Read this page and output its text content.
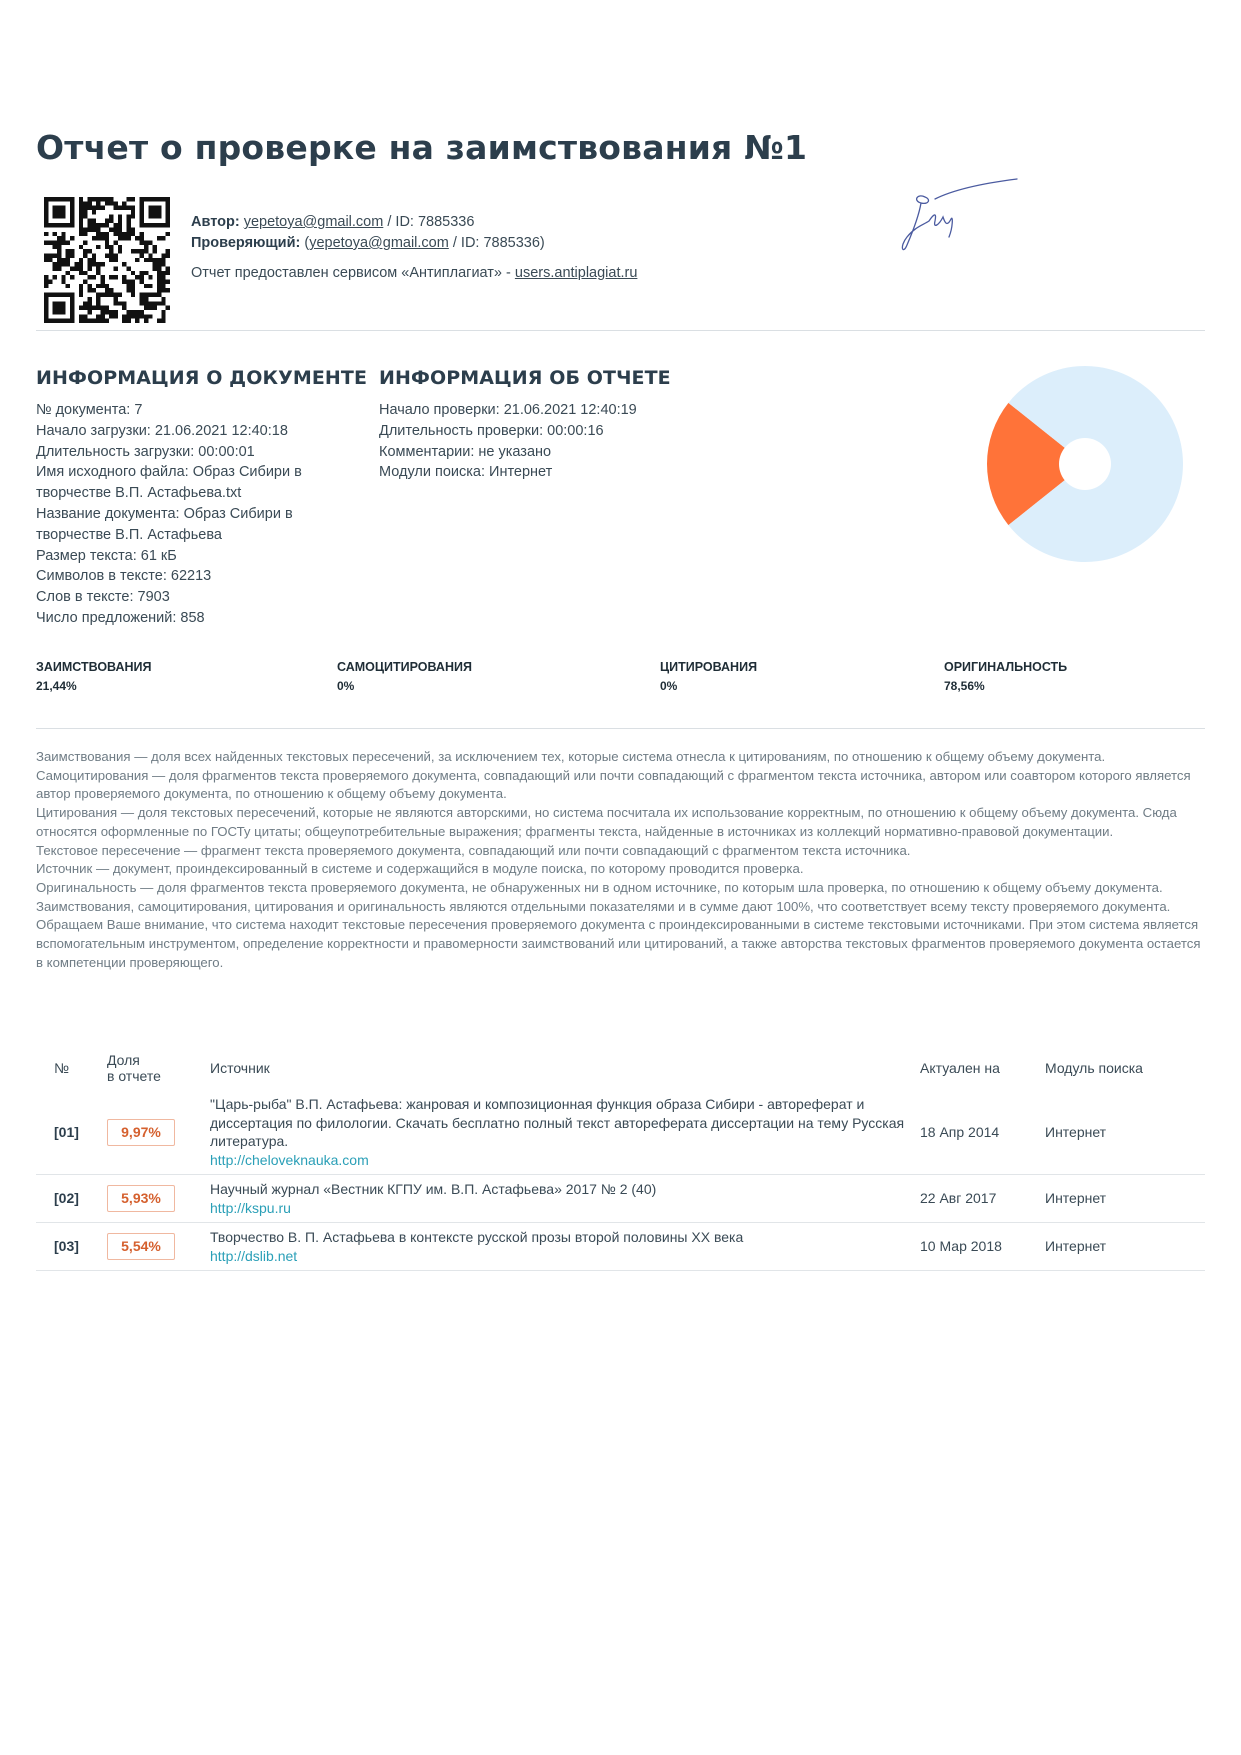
Отчет о проверке на заимствования №1
Автор: yepetoya@gmail.com / ID: 7885336
Проверяющий: (yepetoya@gmail.com / ID: 7885336)
Отчет предоставлен сервисом «Антиплагиат» - users.antiplagiat.ru
ИНФОРМАЦИЯ О ДОКУМЕНТЕ
№ документа: 7
Начало загрузки: 21.06.2021 12:40:18
Длительность загрузки: 00:00:01
Имя исходного файла: Образ Сибири в творчестве В.П. Астафьева.txt
Название документа: Образ Сибири в творчестве В.П. Астафьева
Размер текста: 61 кБ
Символов в тексте: 62213
Слов в тексте: 7903
Число предложений: 858
ИНФОРМАЦИЯ ОБ ОТЧЕТЕ
Начало проверки: 21.06.2021 12:40:19
Длительность проверки: 00:00:16
Комментарии: не указано
Модули поиска: Интернет
ЗАИМСТВОВАНИЯ
21,44%
САМОЦИТИРОВАНИЯ
0%
ЦИТИРОВАНИЯ
0%
ОРИГИНАЛЬНОСТЬ
78,56%

Заимствования — доля всех найденных текстовых пересечений, за исключением тех, которые система отнесла к цитированиям, по отношению к общему объему документа.

Самоцитирования — доля фрагментов текста проверяемого документа, совпадающий или почти совпадающий с фрагментом текста источника, автором или соавтором которого является автор проверяемого документа, по отношению к общему объему документа.

Цитирования — доля текстовых пересечений, которые не являются авторскими, но система посчитала их использование корректным, по отношению к общему объему документа. Сюда относятся оформленные по ГОСТу цитаты; общеупотребительные выражения; фрагменты текста, найденные в источниках из коллекций нормативно-правовой документации.

Текстовое пересечение — фрагмент текста проверяемого документа, совпадающий или почти совпадающий с фрагментом текста источника.

Источник — документ, проиндексированный в системе и содержащийся в модуле поиска, по которому проводится проверка.

Оригинальность — доля фрагментов текста проверяемого документа, не обнаруженных ни в одном источнике, по которым шла проверка, по отношению к общему объему документа.

Заимствования, самоцитирования, цитирования и оригинальность являются отдельными показателями и в сумме дают 100%, что соответствует всему тексту проверяемого документа.

Обращаем Ваше внимание, что система находит текстовые пересечения проверяемого документа с проиндексированными в системе текстовыми источниками. При этом система является вспомогательным инструментом, определение корректности и правомерности заимствований или цитирований, а также авторства текстовых фрагментов проверяемого документа остается в компетенции проверяющего.

№	Доля
в отчете	Источник	Актуален на	Модуль поиска
[01]	9,97%	"Царь-рыба" В.П. Астафьева: жанровая и композиционная функция образа Сибири - автореферат и диссертация по филологии. Скачать бесплатно полный текст автореферата диссертации на тему Русская литература.
http://cheloveknauka.com	18 Апр 2014	Интернет
[02]	5,93%	Научный журнал «Вестник КГПУ им. В.П. Астафьева» 2017 № 2 (40)
http://kspu.ru	22 Авг 2017	Интернет
[03]	5,54%	Творчество В. П. Астафьева в контексте русской прозы второй половины XX века
http://dslib.net	10 Мар 2018	Интернет
